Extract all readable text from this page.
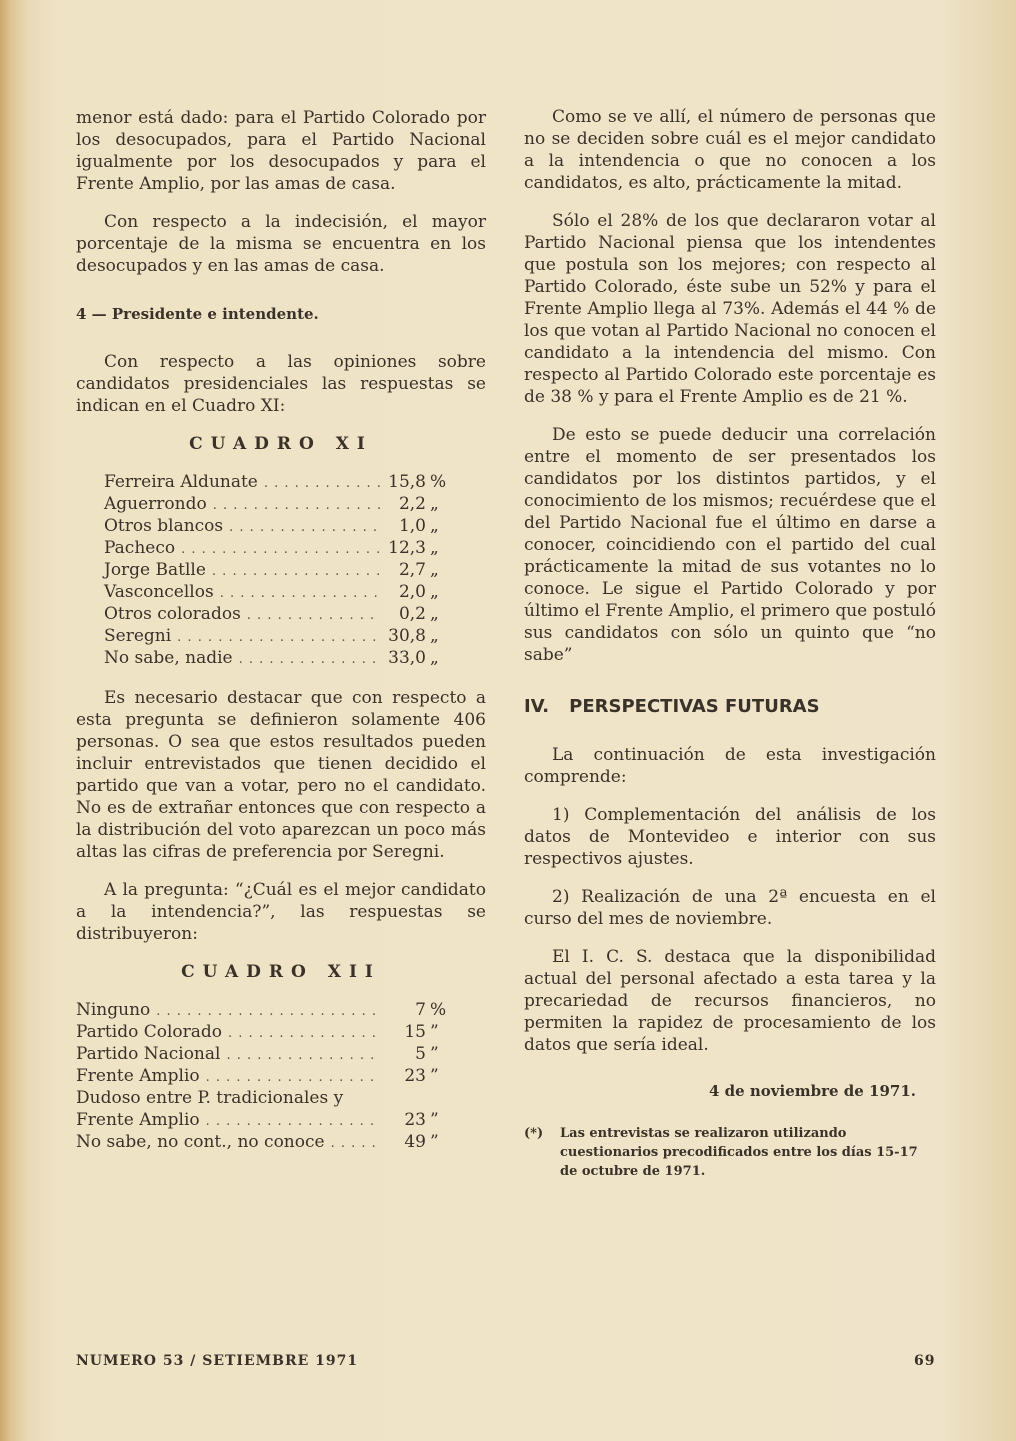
menor está dado: para el Partido Colorado por los desocupados, para el Partido Nacional igualmente por los desocupados y para el Frente Amplio, por las amas de casa.

Con respecto a la indecisión, el mayor porcentaje de la misma se encuentra en los desocupados y en las amas de casa.

4 — Presidente e intendente.

Con respecto a las opiniones sobre candidatos presidenciales las respuestas se indican en el Cuadro XI:

CUADRO XI
Ferreira Aldunate . . .	15,8 %
Aguerrondo . . .	2,2 „
Otros blancos . . .	1,0 „
Pacheco . . .	12,3 „
Jorge Batlle . . .	2,7 „
Vasconcellos . . .	2,0 „
Otros colorados . . .	0,2 „
Seregni . . .	30,8 „
No sabe, nadie . . .	33,0 „

Es necesario destacar que con respecto a esta pregunta se definieron solamente 406 personas. O sea que estos resultados pueden incluir entrevistados que tienen decidido el partido que van a votar, pero no el candidato. No es de extrañar entonces que con respecto a la distribución del voto aparezcan un poco más altas las cifras de preferencia por Seregni.

A la pregunta: “¿Cuál es el mejor candidato a la intendencia?”, las respuestas se distribuyeron:

CUADRO XII
Ninguno . . .	7 %
Partido Colorado . . .	15 ”
Partido Nacional . . .	5 ”
Frente Amplio . . .	23 ”
Dudoso entre P. tradicionales y
Frente Amplio . . .	23 ”
No sabe, no cont., no conoce . . .	49 ”

Como se ve allí, el número de personas que no se deciden sobre cuál es el mejor candidato a la intendencia o que no conocen a los candidatos, es alto, prácticamente la mitad.

Sólo el 28% de los que declararon votar al Partido Nacional piensa que los intendentes que postula son los mejores; con respecto al Partido Colorado, éste sube un 52% y para el Frente Amplio llega al 73%. Además el 44 % de los que votan al Partido Nacional no conocen el candidato a la intendencia del mismo. Con respecto al Partido Colorado este porcentaje es de 38 % y para el Frente Amplio es de 21 %.

De esto se puede deducir una correlación entre el momento de ser presentados los candidatos por los distintos partidos, y el conocimiento de los mismos; recuérdese que el del Partido Nacional fue el último en darse a conocer, coincidiendo con el partido del cual prácticamente la mitad de sus votantes no lo conoce. Le sigue el Partido Colorado y por último el Frente Amplio, el primero que postuló sus candidatos con sólo un quinto que “no sabe”

IV. PERSPECTIVAS FUTURAS

La continuación de esta investigación comprende:

1) Complementación del análisis de los datos de Montevideo e interior con sus respectivos ajustes.

2) Realización de una 2ª encuesta en el curso del mes de noviembre.

El I. C. S. destaca que la disponibilidad actual del personal afectado a esta tarea y la precariedad de recursos financieros, no permiten la rapidez de procesamiento de los datos que sería ideal.

4 de noviembre de 1971.
(*)	Las entrevistas se realizaron utilizando cuestionarios precodificados entre los días 15-17 de octubre de 1971.
NUMERO 53 / SETIEMBRE 1971	69
